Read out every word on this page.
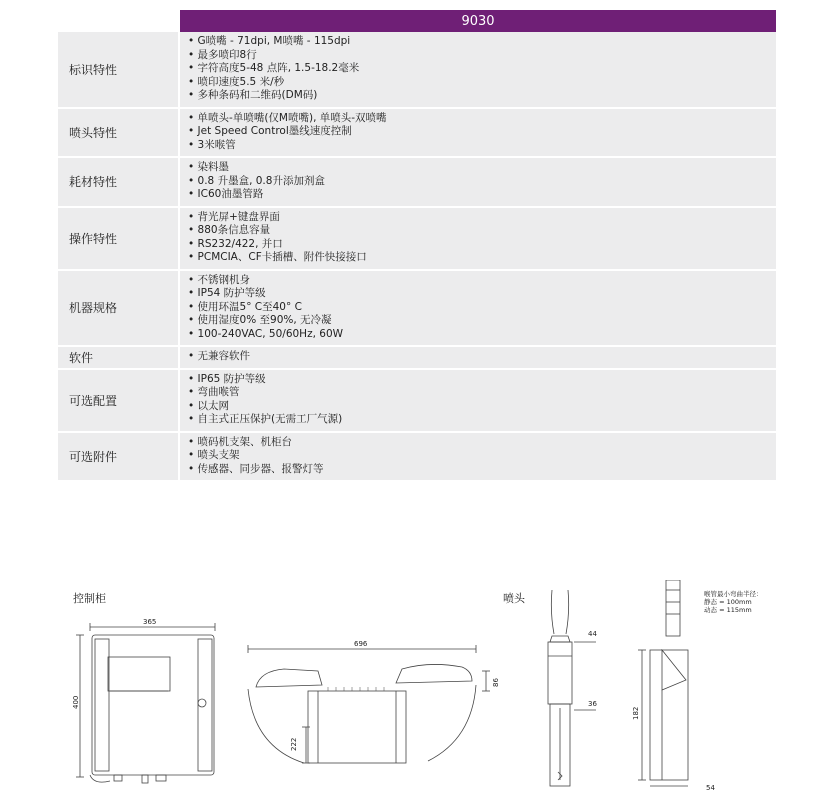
9030
标识特性
• G喷嘴 - 71dpi, M喷嘴 - 115dpi
• 最多喷印8行
• 字符高度5-48 点阵, 1.5-18.2毫米
• 喷印速度5.5 米/秒
• 多种条码和二维码(DM码)
喷头特性
• 单喷头-单喷嘴(仅M喷嘴), 单喷头-双喷嘴
• Jet Speed Control墨线速度控制
• 3米喉管
耗材特性
• 染料墨
• 0.8 升墨盒, 0.8升添加剂盒
• IC60油墨管路
操作特性
• 背光屏+键盘界面
• 880条信息容量
• RS232/422, 并口
• PCMCIA、CF卡插槽、附件快接接口
机器规格
• 不锈钢机身
• IP54 防护等级
• 使用环温5° C至40° C
• 使用湿度0% 至90%, 无冷凝
• 100-240VAC, 50/60Hz, 60W
软件
•	无兼容软件
可选配置
• IP65 防护等级
• 弯曲喉管
• 以太网
• 自主式正压保护(无需工厂气源)
可选附件
• 喷码机支架、机柜台
• 喷头支架
• 传感器、同步器、报警灯等
控制柜	喷头	喉管最小弯曲半径：
静态 = 100mm
动态 = 115mm
365
400
696
222
86
44
36
182
54
